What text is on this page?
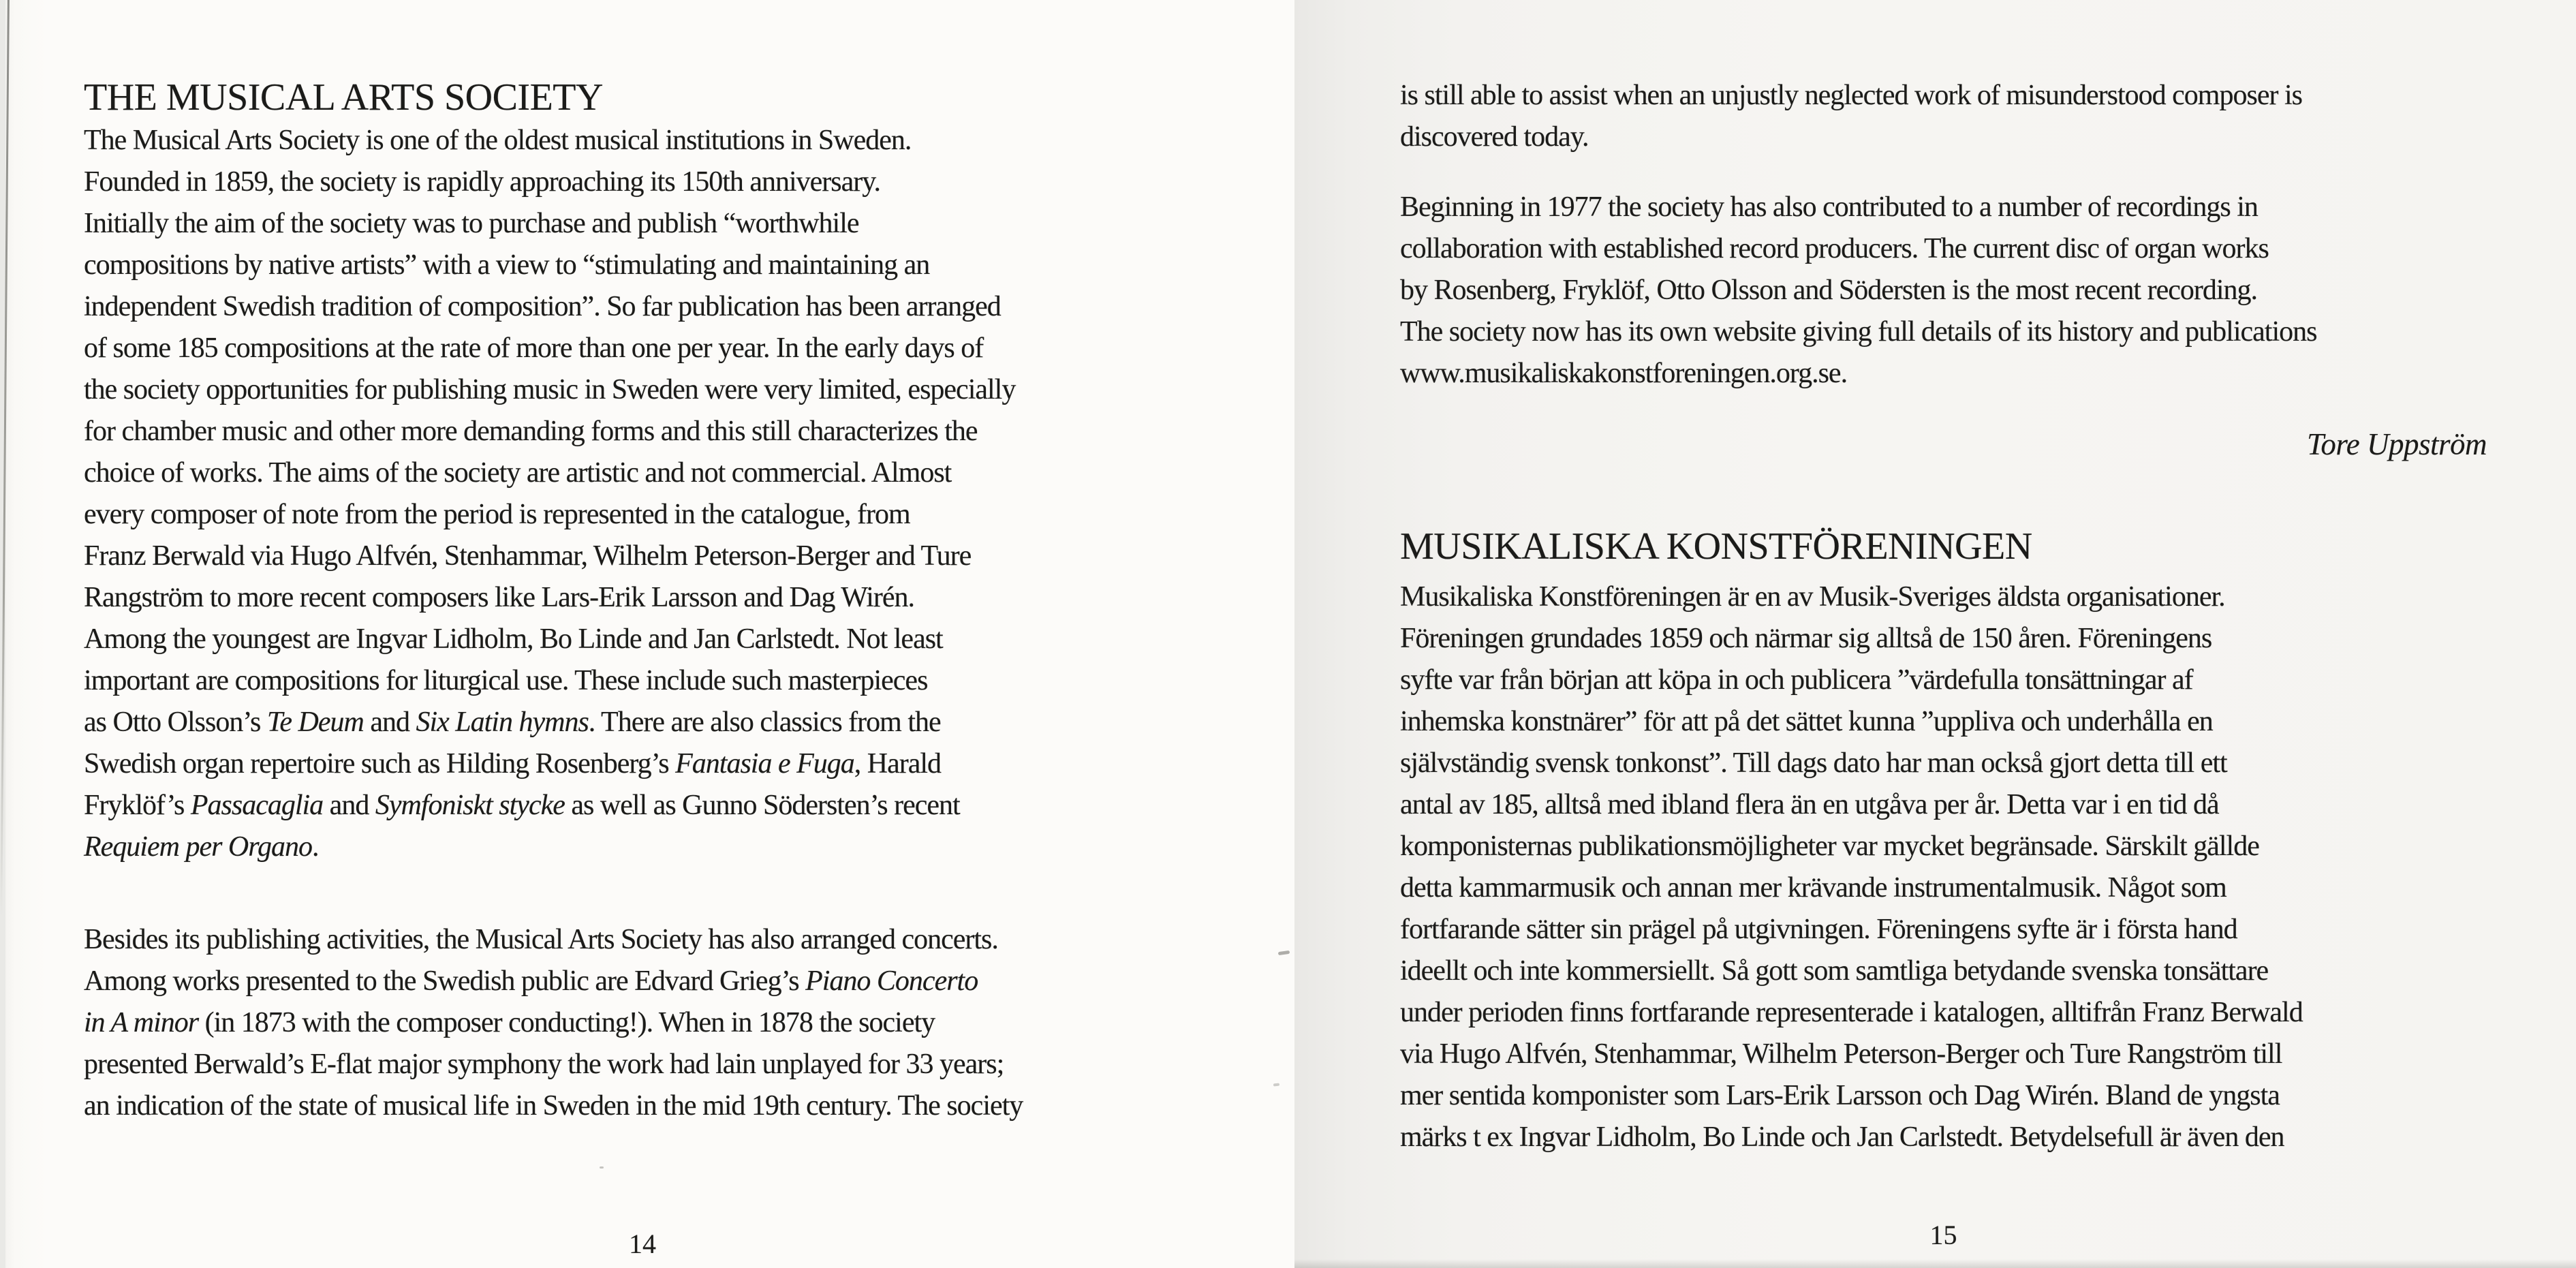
THE MUSICAL ARTS SOCIETY
The Musical Arts Society is one of the oldest musical institutions in Sweden.
Founded in 1859, the society is rapidly approaching its 150th anniversary.
Initially the aim of the society was to purchase and publish “worthwhile
compositions by native artists” with a view to “stimulating and maintaining an
independent Swedish tradition of composition”. So far publication has been arranged
of some 185 compositions at the rate of more than one per year. In the early days of
the society opportunities for publishing music in Sweden were very limited, especially
for chamber music and other more demanding forms and this still characterizes the
choice of works. The aims of the society are artistic and not commercial. Almost
every composer of note from the period is represented in the catalogue, from
Franz Berwald via Hugo Alfvén, Stenhammar, Wilhelm Peterson-Berger and Ture
Rangström to more recent composers like Lars-Erik Larsson and Dag Wirén.
Among the youngest are Ingvar Lidholm, Bo Linde and Jan Carlstedt. Not least
important are compositions for liturgical use. These include such masterpieces
as Otto Olsson’s Te Deum and Six Latin hymns. There are also classics from the
Swedish organ repertoire such as Hilding Rosenberg’s Fantasia e Fuga, Harald
Fryklöf’s Passacaglia and Symfoniskt stycke as well as Gunno Södersten’s recent
Requiem per Organo.
Besides its publishing activities, the Musical Arts Society has also arranged concerts.
Among works presented to the Swedish public are Edvard Grieg’s Piano Concerto
in A minor (in 1873 with the composer conducting!). When in 1878 the society
presented Berwald’s E-flat major symphony the work had lain unplayed for 33 years;
an indication of the state of musical life in Sweden in the mid 19th century. The society
14
is still able to assist when an unjustly neglected work of misunderstood composer is
discovered today.
Beginning in 1977 the society has also contributed to a number of recordings in
collaboration with established record producers. The current disc of organ works
by Rosenberg, Fryklöf, Otto Olsson and Södersten is the most recent recording.
The society now has its own website giving full details of its history and publications
www.musikaliskakonstforeningen.org.se.
Tore Uppström
MUSIKALISKA KONSTFÖRENINGEN
Musikaliska Konstföreningen är en av Musik-Sveriges äldsta organisationer.
Föreningen grundades 1859 och närmar sig alltså de 150 åren. Föreningens
syfte var från början att köpa in och publicera ”värdefulla tonsättningar af
inhemska konstnärer” för att på det sättet kunna ”uppliva och underhålla en
självständig svensk tonkonst”. Till dags dato har man också gjort detta till ett
antal av 185, alltså med ibland flera än en utgåva per år. Detta var i en tid då
komponisternas publikationsmöjligheter var mycket begränsade. Särskilt gällde
detta kammarmusik och annan mer krävande instrumentalmusik. Något som
fortfarande sätter sin prägel på utgivningen. Föreningens syfte är i första hand
ideellt och inte kommersiellt. Så gott som samtliga betydande svenska tonsättare
under perioden finns fortfarande representerade i katalogen, alltifrån Franz Berwald
via Hugo Alfvén, Stenhammar, Wilhelm Peterson-Berger och Ture Rangström till
mer sentida komponister som Lars-Erik Larsson och Dag Wirén. Bland de yngsta
märks t ex Ingvar Lidholm, Bo Linde och Jan Carlstedt. Betydelsefull är även den
15
